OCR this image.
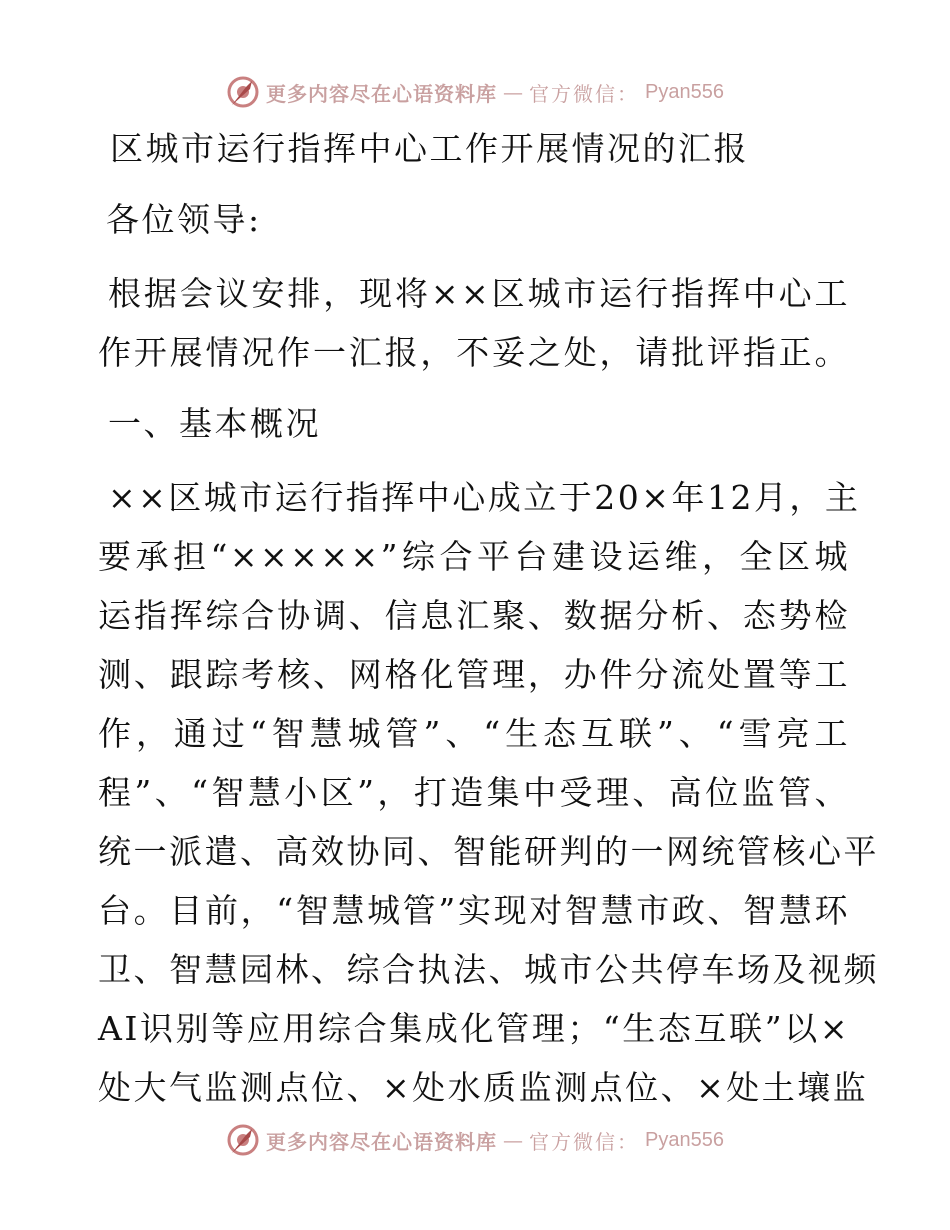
更多内容尽在心语资料库 — 官方微信： Pyan556
区城市运行指挥中心工作开展情况的汇报
各位领导:
根据会议安排，现将××区城市运行指挥中心工
作开展情况作一汇报，不妥之处，请批评指正。
一、基本概况
××区城市运行指挥中心成立于20×年12月，主
要承担“×××××”综合平台建设运维，全区城
运指挥综合协调、信息汇聚、数据分析、态势检
测、跟踪考核、网格化管理，办件分流处置等工
作，通过“智慧城管”、“生态互联”、“雪亮工
程”、“智慧小区”，打造集中受理、高位监管、
统一派遣、高效协同、智能研判的一网统管核心平
台。目前，“智慧城管”实现对智慧市政、智慧环
卫、智慧园林、综合执法、城市公共停车场及视频
AI识别等应用综合集成化管理；“生态互联”以×
处大气监测点位、×处水质监测点位、×处土壤监
更多内容尽在心语资料库 — 官方微信： Pyan556
